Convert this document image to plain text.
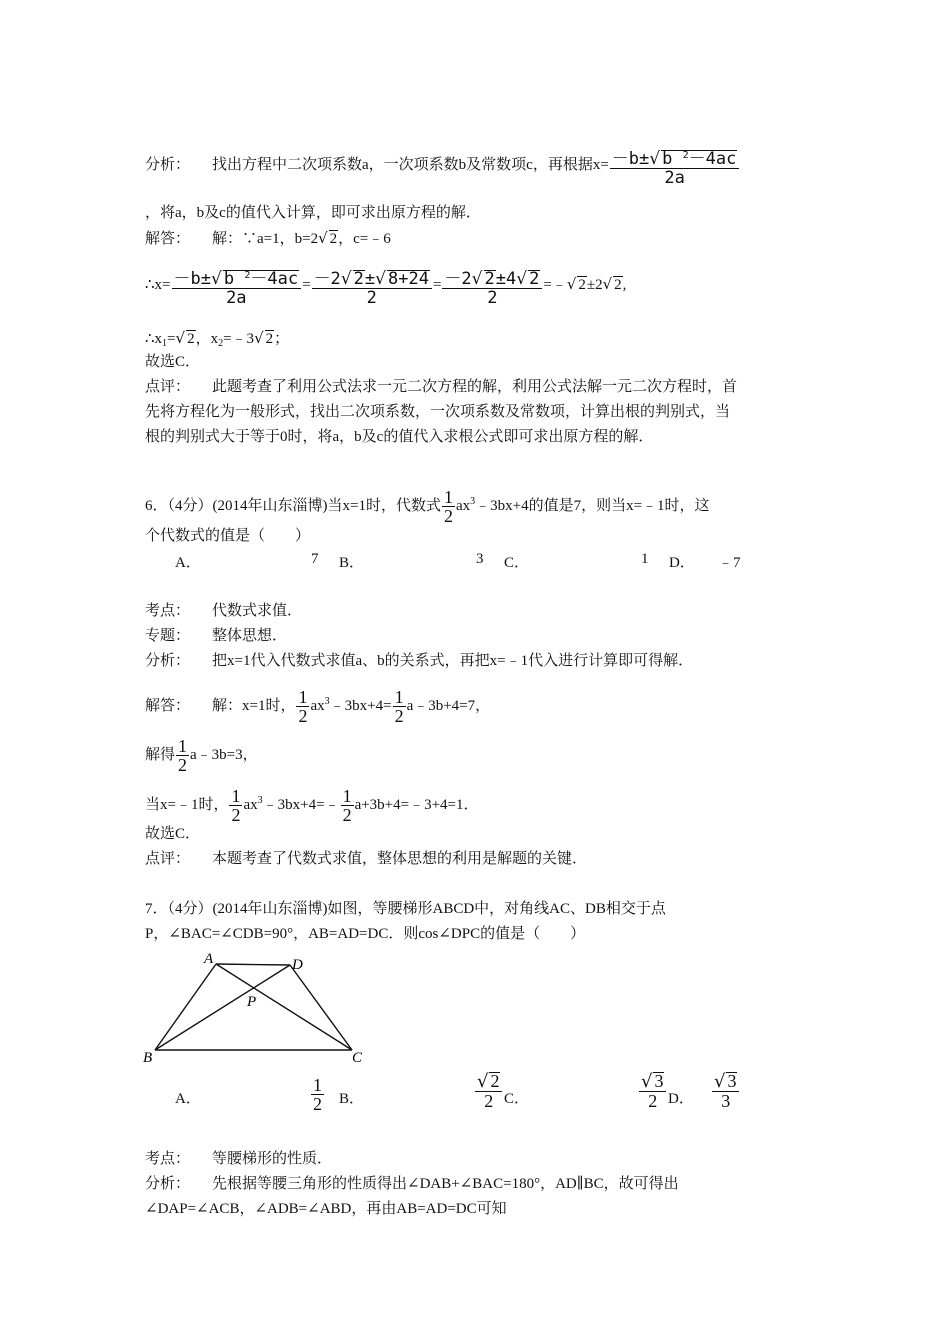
分析： 找出方程中二次项系数a，一次项系数b及常数项c，再根据$x= \frac{-b\pm√ b ^2-4ac}{2a}$
，将a，b及c的值代入计算，即可求出原方程的解．
解答： 解：∵a=1，b=2√ 2，c=﹣6
∴x= $\frac{-b\pm√ b ^2-4ac}{2a} = \frac{-2√ 2\pm√ 8+24}{2} = \frac{-2√ 2\pm 4√ 2}{2}$ =﹣√ 2±2√ 2,
$\therefore x_1=√$ 2，$x_2=﹣3√$ 2；
故选C．
点评： 此题考查了利用公式法求一元二次方程的解，利用公式法解一元二次方程时，首
先将方程化为一般形式，找出二次项系数，一次项系数及常数项，计算出根的判别式，当
根的判别式大于等于0时，将a，b及c的值代入求根公式即可求出原方程的解．
6．（4分）(2014年山东淄博)当x=1时，代数式 $\frac{1}{2}$ $ax^3﹣3bx+4$的值是7，则当x=﹣1时，这
个代数式的值是（　　）
A．	7 B．	3 C．	1 D． ﹣7
考点： 代数式求值．
专题： 整体思想．
分析： 把x=1代入代数式求值a、b的关系式，再把x=﹣1代入进行计算即可得解．
解答： 解：x=1时， $\frac{1}{2}$ $ax^3﹣3bx+4= \frac{1}{2}$ a﹣3b+4=7，
解得 $\frac{1}{2}$ a﹣3b=3，
当x=﹣1时， $\frac{1}{2}$ $ax^3﹣3bx+4=﹣ \frac{1}{2}$ a+3b+4=﹣3+4=1．
故选C．
点评： 本题考查了代数式求值，整体思想的利用是解题的关键．
7．（4分）(2014年山东淄博)如图，等腰梯形ABCD中，对角线AC、DB相交于点
P，∠BAC=∠CDB=90°，AB=AD=DC．则cos∠DPC的值是（　　）
A	D
P
B	C
A．	$\frac{1}{2}$ B．	$\frac{√ 2}{2}$ C．	$\frac{√ 3}{2}$ D． $\frac{√ 3}{3}$
考点： 等腰梯形的性质．
分析： 先根据等腰三角形的性质得出∠DAB+∠BAC=180°，AD∥BC，故可得出
∠DAP=∠ACB，∠ADB=∠ABD，再由AB=AD=DC可知
